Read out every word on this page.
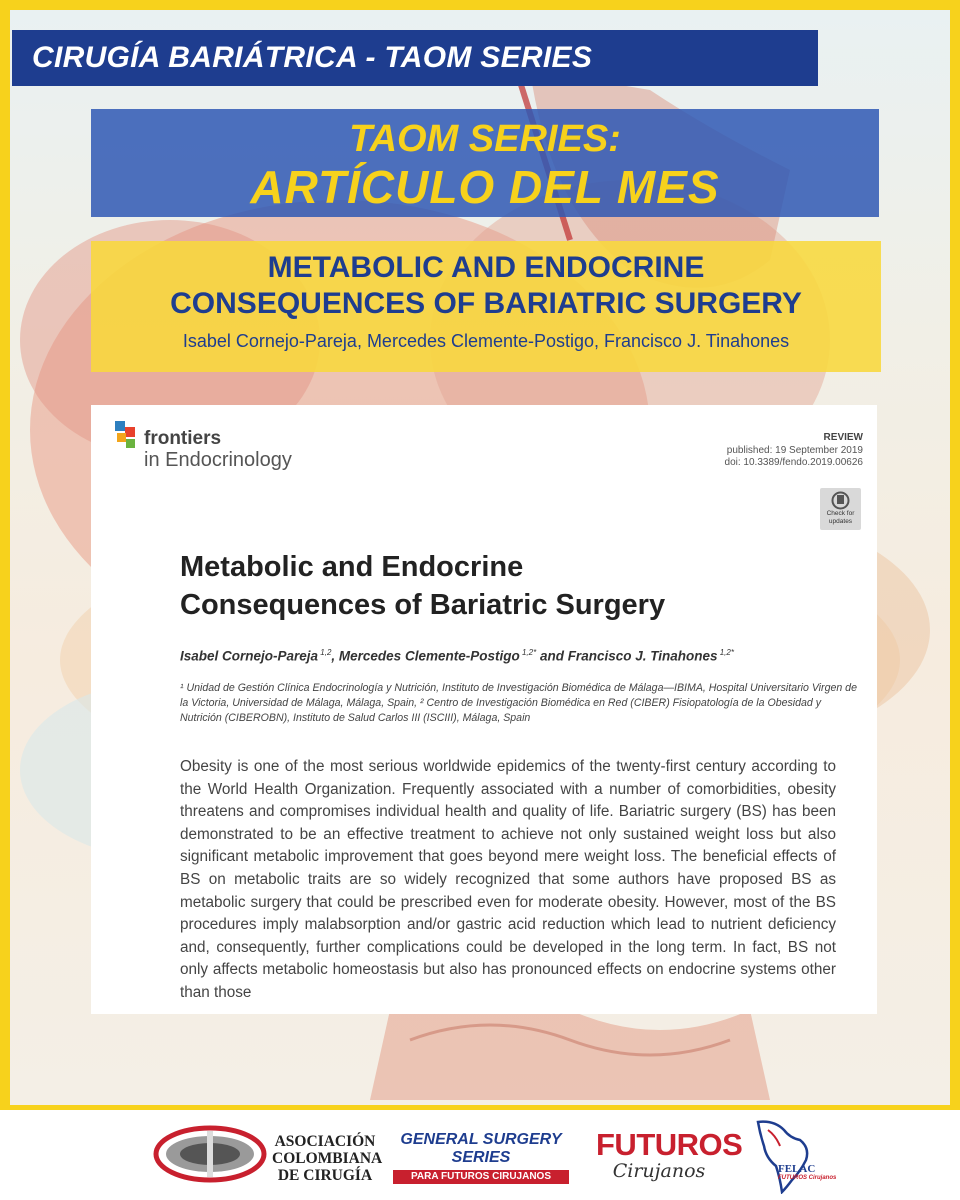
CIRUGÍA BARIÁTRICA - TAOM SERIES
TAOM SERIES:
ARTÍCULO DEL MES
METABOLIC AND ENDOCRINE
CONSEQUENCES OF BARIATRIC SURGERY
Isabel Cornejo-Pareja, Mercedes Clemente-Postigo, Francisco J. Tinahones
frontiers
in Endocrinology
REVIEW
published: 19 September 2019
doi: 10.3389/fendo.2019.00626
Check for
updates
Metabolic and Endocrine
Consequences of Bariatric Surgery
Isabel Cornejo-Pareja $^{1,2}$, Mercedes Clemente-Postigo $^{1,2*}$ and Francisco J. Tinahones $^{1,2*}$
¹ Unidad de Gestión Clínica Endocrinología y Nutrición, Instituto de Investigación Biomédica de Málaga—IBIMA, Hospital Universitario Virgen de la Victoria, Universidad de Málaga, Málaga, Spain, ² Centro de Investigación Biomédica en Red (CIBER) Fisiopatología de la Obesidad y Nutrición (CIBEROBN), Instituto de Salud Carlos III (ISCIII), Málaga, Spain
Obesity is one of the most serious worldwide epidemics of the twenty-first century according to the World Health Organization. Frequently associated with a number of comorbidities, obesity threatens and compromises individual health and quality of life. Bariatric surgery (BS) has been demonstrated to be an effective treatment to achieve not only sustained weight loss but also significant metabolic improvement that goes beyond mere weight loss. The beneficial effects of BS on metabolic traits are so widely recognized that some authors have proposed BS as metabolic surgery that could be prescribed even for moderate obesity. However, most of the BS procedures imply malabsorption and/or gastric acid reduction which lead to nutrient deficiency and, consequently, further complications could be developed in the long term. In fact, BS not only affects metabolic homeostasis but also has pronounced effects on endocrine systems other than those
ASOCIACIÓN
COLOMBIANA
DE CIRUGÍA
GENERAL SURGERY
SERIES
PARA FUTUROS CIRUJANOS
FUTUROS
Cirujanos	FELAC
FUTUROS Cirujanos
